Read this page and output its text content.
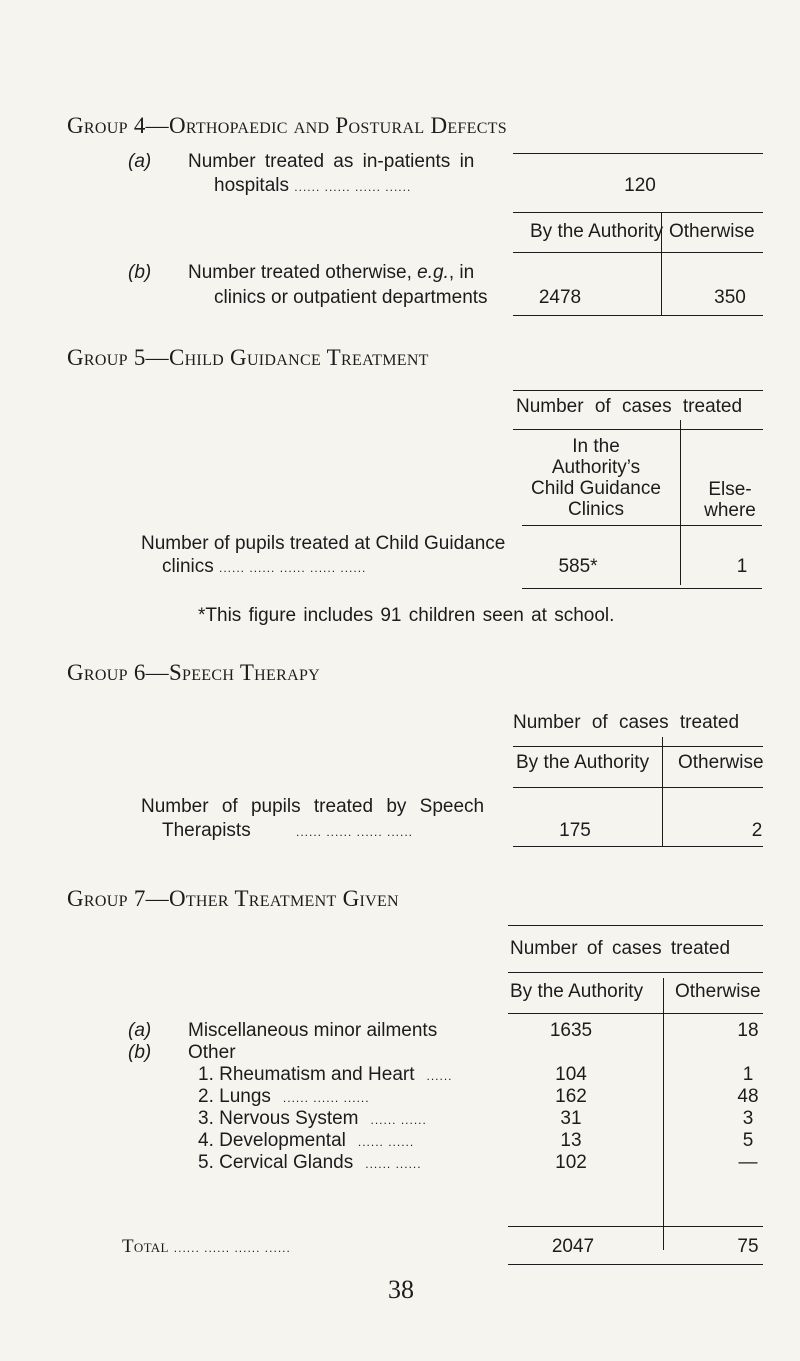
Group 4—Orthopaedic and Postural Defects
(a) Number treated as in-patients in
hospitals ...... ...... ...... ......	120
By the Authority Otherwise
(b) Number treated otherwise, e.g., in
clinics or outpatient departments	2478	350
Group 5—Child Guidance Treatment
Number of cases treated
In the
Authority’s
Child Guidance
Clinics
Else-
where
Number of pupils treated at Child Guidance
clinics ...... ...... ...... ...... ......	585*	1
*This figure includes 91 children seen at school.
Group 6—Speech Therapy
Number of cases treated
By the Authority Otherwise
Number of pupils treated by Speech
Therapists	...... ...... ...... ......	175	2
Group 7—Other Treatment Given
Number of cases treated
By the Authority Otherwise
(a) Miscellaneous minor ailments	1635	18
(b) Other
1. Rheumatism and Heart ......	104	1
2. Lungs ...... ...... ......	162	48
3. Nervous System ...... ......	31	3
4. Developmental ...... ......	13	5
5. Cervical Glands ...... ......	102	—
Total ...... ...... ...... ......	2047	75
38
